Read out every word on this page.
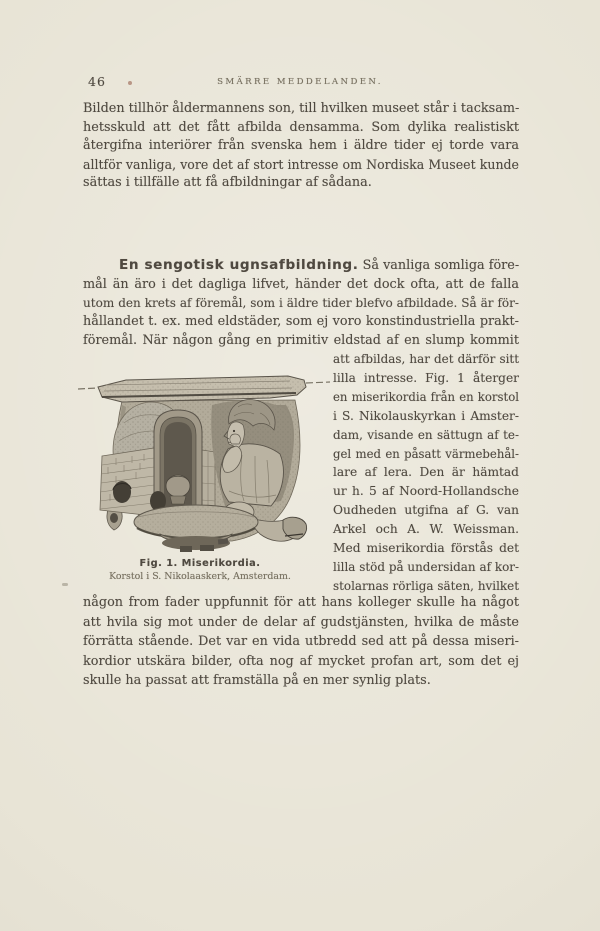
46	SMÄRRE MEDDELANDEN.
Bilden tillhör åldermannens son, till hvilken museet står i tacksam-
hetsskuld att det fått afbilda densamma. Som dylika realistiskt
återgifna interiörer från svenska hem i äldre tider ej torde vara
alltför vanliga, vore det af stort intresse om Nordiska Museet kunde
sättas i tillfälle att få afbildningar af sådana.
En sengotisk ugnsafbildning. Så vanliga somliga före-
mål än äro i det dagliga lifvet, händer det dock ofta, att de falla
utom den krets af föremål, som i äldre tider blefvo afbildade. Så är för-
hållandet t. ex. med eldstäder, som ej voro konstindustriella prakt-
föremål. När någon gång en primitiv eldstad af en slump kommit
Fig. 1. Miserikordia.
Korstol i S. Nikolaaskerk, Amsterdam.
att afbildas, har det därför sitt
lilla intresse. Fig. 1 återger
en miserikordia från en korstol
i S. Nikolauskyrkan i Amster-
dam, visande en sättugn af te-
gel med en påsatt värmebehål-
lare af lera. Den är hämtad
ur h. 5 af Noord-Hollandsche
Oudheden utgifna af G. van
Arkel och A. W. Weissman.
Med miserikordia förstås det
lilla stöd på undersidan af kor-
stolarnas rörliga säten, hvilket
någon from fader uppfunnit för att hans kolleger skulle ha något
att hvila sig mot under de delar af gudstjänsten, hvilka de måste
förrätta stående. Det var en vida utbredd sed att på dessa miseri-
kordior utskära bilder, ofta nog af mycket profan art, som det ej
skulle ha passat att framställa på en mer synlig plats.
